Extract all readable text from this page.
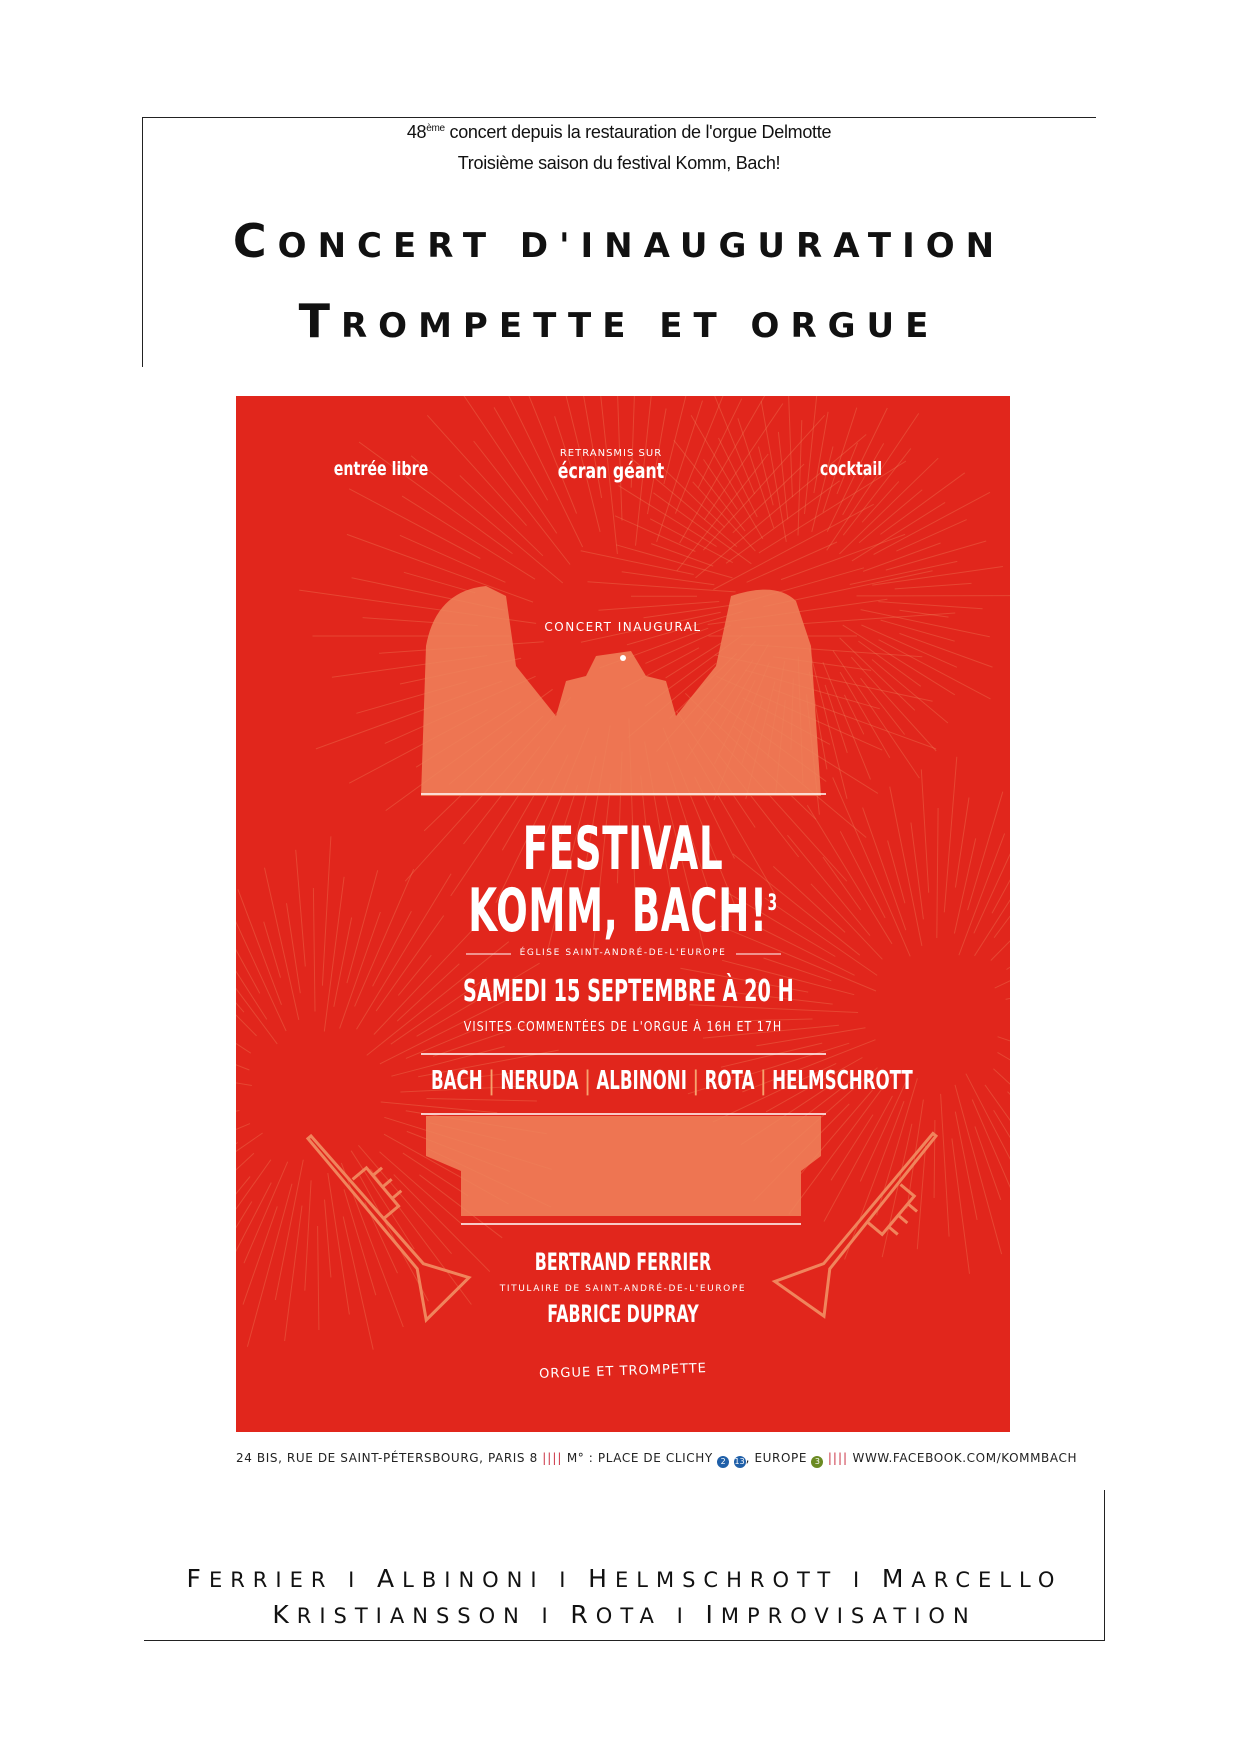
48ème concert depuis la restauration de l'orgue Delmotte
Troisième saison du festival Komm, Bach!
CONCERT D'INAUGURATION
TROMPETTE ET ORGUE
entrée libre
RETRANSMIS SUR
écran géant	cocktail
CONCERT INAUGURAL
FESTIVAL
KOMM, BACH!$^3$
ÉGLISE SAINT-ANDRÉ-DE-L'EUROPE
SAMEDI 15 SEPTEMBRE À 20 H
VISITES COMMENTÉES DE L'ORGUE À 16H ET 17H
BACH | NERUDA | ALBINONI | ROTA | HELMSCHROTT
BERTRAND FERRIER
TITULAIRE DE SAINT-ANDRÉ-DE-L'EUROPE
FABRICE DUPRAY
ORGUE ET TROMPETTE
24 BIS, RUE DE SAINT-PÉTERSBOURG, PARIS 8 |||| M° : PLACE DE CLICHY 2 13, EUROPE 3 |||| WWW.FACEBOOK.COM/KOMMBACH
FERRIER I ALBINONI I HELMSCHROTT I MARCELLO
KRISTIANSSON I ROTA I IMPROVISATION
